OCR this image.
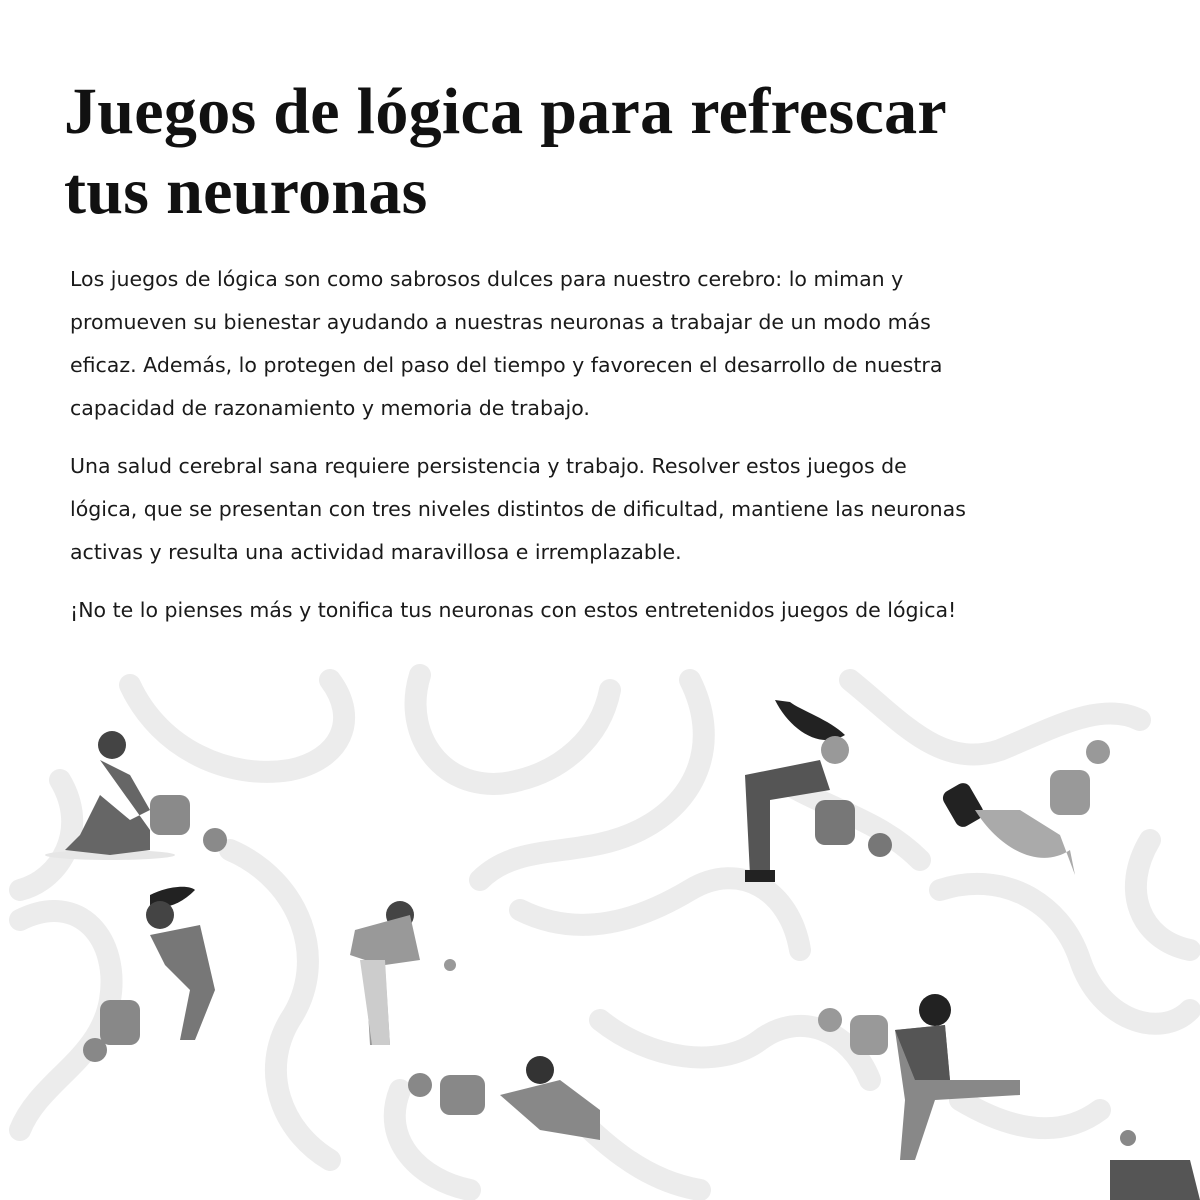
Juegos de lógica para refrescar
tus neuronas

Los juegos de lógica son como sabrosos dulces para nuestro cerebro: lo miman y
promueven su bienestar ayudando a nuestras neuronas a trabajar de un modo más
eficaz. Además, lo protegen del paso del tiempo y favorecen el desarrollo de nuestra
capacidad de razonamiento y memoria de trabajo.

Una salud cerebral sana requiere persistencia y trabajo. Resolver estos juegos de
lógica, que se presentan con tres niveles distintos de dificultad, mantiene las neuronas
activas y resulta una actividad maravillosa e irremplazable.

¡No te lo pienses más y tonifica tus neuronas con estos entretenidos juegos de lógica!
